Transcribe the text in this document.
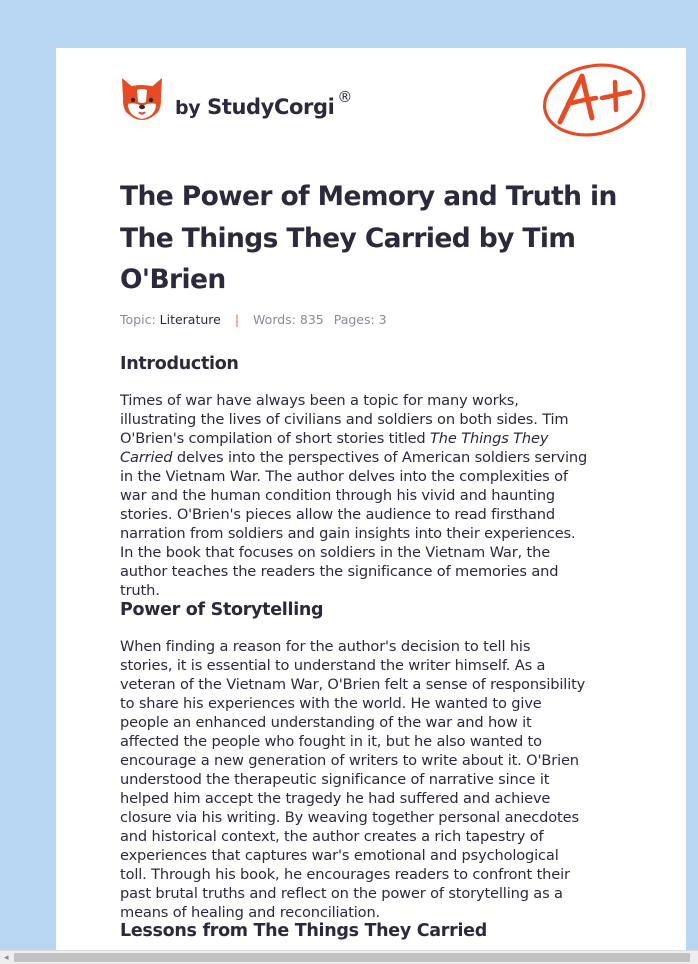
by StudyCorgi ®
The Power of Memory and Truth in The Things They Carried by Tim O'Brien
Topic: Literature | Words: 835 Pages: 3
Introduction

Times of war have always been a topic for many works,
illustrating the lives of civilians and soldiers on both sides. Tim
O'Brien's compilation of short stories titled The Things They
Carried delves into the perspectives of American soldiers serving
in the Vietnam War. The author delves into the complexities of
war and the human condition through his vivid and haunting
stories. O'Brien's pieces allow the audience to read firsthand
narration from soldiers and gain insights into their experiences.
In the book that focuses on soldiers in the Vietnam War, the
author teaches the readers the significance of memories and
truth.

Power of Storytelling

When finding a reason for the author's decision to tell his
stories, it is essential to understand the writer himself. As a
veteran of the Vietnam War, O'Brien felt a sense of responsibility
to share his experiences with the world. He wanted to give
people an enhanced understanding of the war and how it
affected the people who fought in it, but he also wanted to
encourage a new generation of writers to write about it. O'Brien
understood the therapeutic significance of narrative since it
helped him accept the tragedy he had suffered and achieve
closure via his writing. By weaving together personal anecdotes
and historical context, the author creates a rich tapestry of
experiences that captures war's emotional and psychological
toll. Through his book, he encourages readers to confront their
past brutal truths and reflect on the power of storytelling as a
means of healing and reconciliation.

Lessons from The Things They Carried
◂
